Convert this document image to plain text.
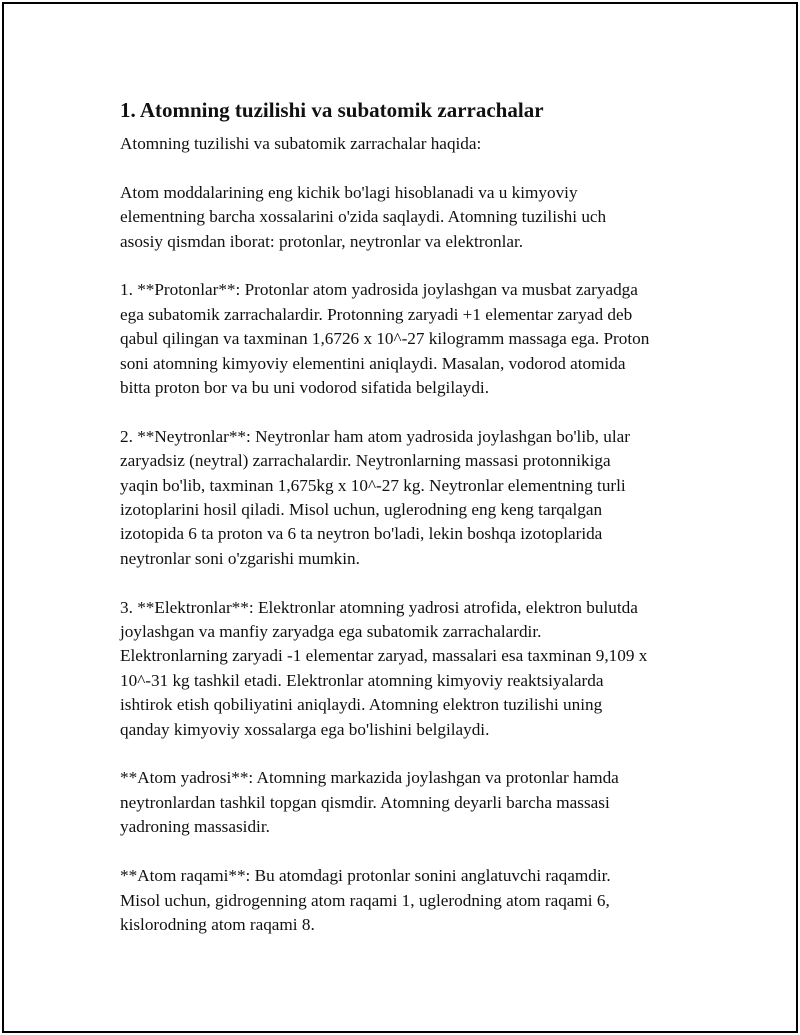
1. Atomning tuzilishi va subatomik zarrachalar

Atomning tuzilishi va subatomik zarrachalar haqida:

Atom moddalarining eng kichik bo'lagi hisoblanadi va u kimyoviy
elementning barcha xossalarini o'zida saqlaydi. Atomning tuzilishi uch
asosiy qismdan iborat: protonlar, neytronlar va elektronlar.

1. **Protonlar**: Protonlar atom yadrosida joylashgan va musbat zaryadga
ega subatomik zarrachalardir. Protonning zaryadi +1 elementar zaryad deb
qabul qilingan va taxminan 1,6726 x 10^-27 kilogramm massaga ega. Proton
soni atomning kimyoviy elementini aniqlaydi. Masalan, vodorod atomida
bitta proton bor va bu uni vodorod sifatida belgilaydi.

2. **Neytronlar**: Neytronlar ham atom yadrosida joylashgan bo'lib, ular
zaryadsiz (neytral) zarrachalardir. Neytronlarning massasi protonnikiga
yaqin bo'lib, taxminan 1,675kg x 10^-27 kg. Neytronlar elementning turli
izotoplarini hosil qiladi. Misol uchun, uglerodning eng keng tarqalgan
izotopida 6 ta proton va 6 ta neytron bo'ladi, lekin boshqa izotoplarida
neytronlar soni o'zgarishi mumkin.

3. **Elektronlar**: Elektronlar atomning yadrosi atrofida, elektron bulutda
joylashgan va manfiy zaryadga ega subatomik zarrachalardir.
Elektronlarning zaryadi -1 elementar zaryad, massalari esa taxminan 9,109 x
10^-31 kg tashkil etadi. Elektronlar atomning kimyoviy reaktsiyalarda
ishtirok etish qobiliyatini aniqlaydi. Atomning elektron tuzilishi uning
qanday kimyoviy xossalarga ega bo'lishini belgilaydi.

**Atom yadrosi**: Atomning markazida joylashgan va protonlar hamda
neytronlardan tashkil topgan qismdir. Atomning deyarli barcha massasi
yadroning massasidir.

**Atom raqami**: Bu atomdagi protonlar sonini anglatuvchi raqamdir.
Misol uchun, gidrogenning atom raqami 1, uglerodning atom raqami 6,
kislorodning atom raqami 8.
